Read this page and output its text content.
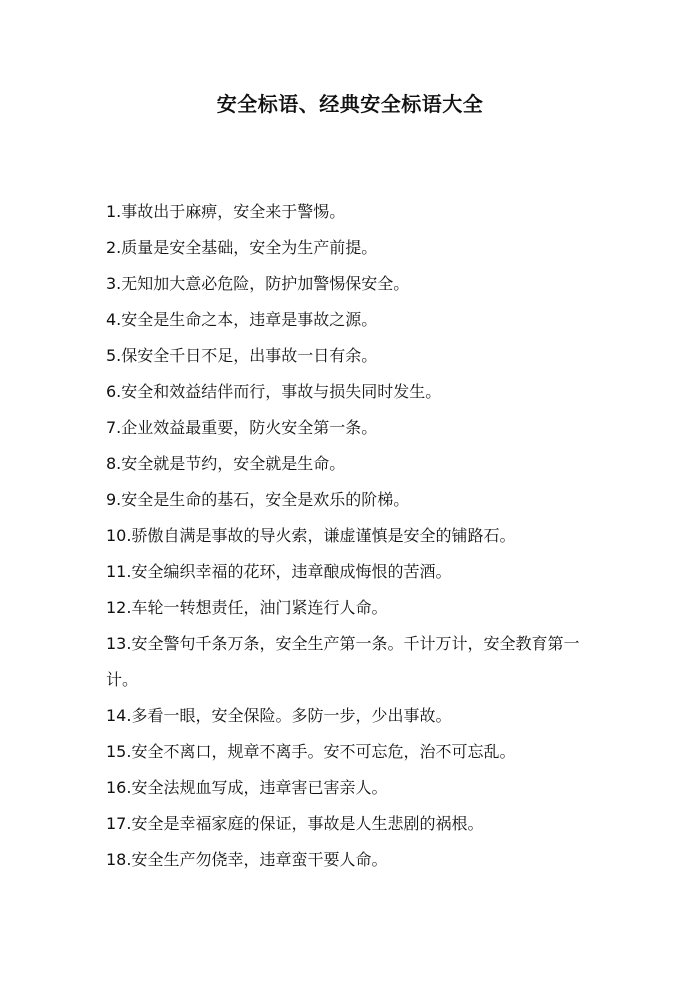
安全标语、经典安全标语大全
1.事故出于麻痹，安全来于警惕。
2.质量是安全基础，安全为生产前提。
3.无知加大意必危险，防护加警惕保安全。
4.安全是生命之本，违章是事故之源。
5.保安全千日不足，出事故一日有余。
6.安全和效益结伴而行，事故与损失同时发生。
7.企业效益最重要，防火安全第一条。
8.安全就是节约，安全就是生命。
9.安全是生命的基石，安全是欢乐的阶梯。
10.骄傲自满是事故的导火索，谦虚谨慎是安全的铺路石。
11.安全编织幸福的花环，违章酿成悔恨的苦酒。
12.车轮一转想责任，油门紧连行人命。
13.安全警句千条万条，安全生产第一条。千计万计，安全教育第一计。
14.多看一眼，安全保险。多防一步，少出事故。
15.安全不离口，规章不离手。安不可忘危，治不可忘乱。
16.安全法规血写成，违章害已害亲人。
17.安全是幸福家庭的保证，事故是人生悲剧的祸根。
18.安全生产勿侥幸，违章蛮干要人命。
